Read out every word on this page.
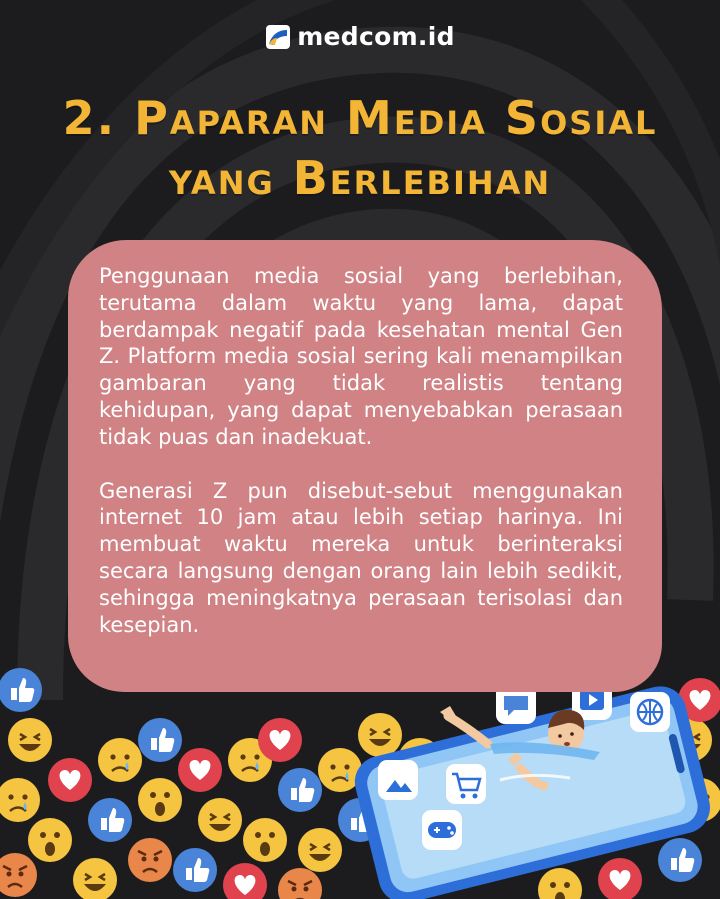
medcom.id
2. Paparan Media Sosial
yang Berlebihan

Penggunaan media sosial yang berlebihan, terutama dalam waktu yang lama, dapat berdampak negatif pada kesehatan mental Gen Z. Platform media sosial sering kali menampilkan gambaran yang tidak realistis tentang kehidupan, yang dapat menyebabkan perasaan tidak puas dan inadekuat.

Generasi Z pun disebut-sebut menggunakan internet 10 jam atau lebih setiap harinya. Ini membuat waktu mereka untuk berinteraksi secara langsung dengan orang lain lebih sedikit, sehingga meningkatnya perasaan terisolasi dan kesepian.
